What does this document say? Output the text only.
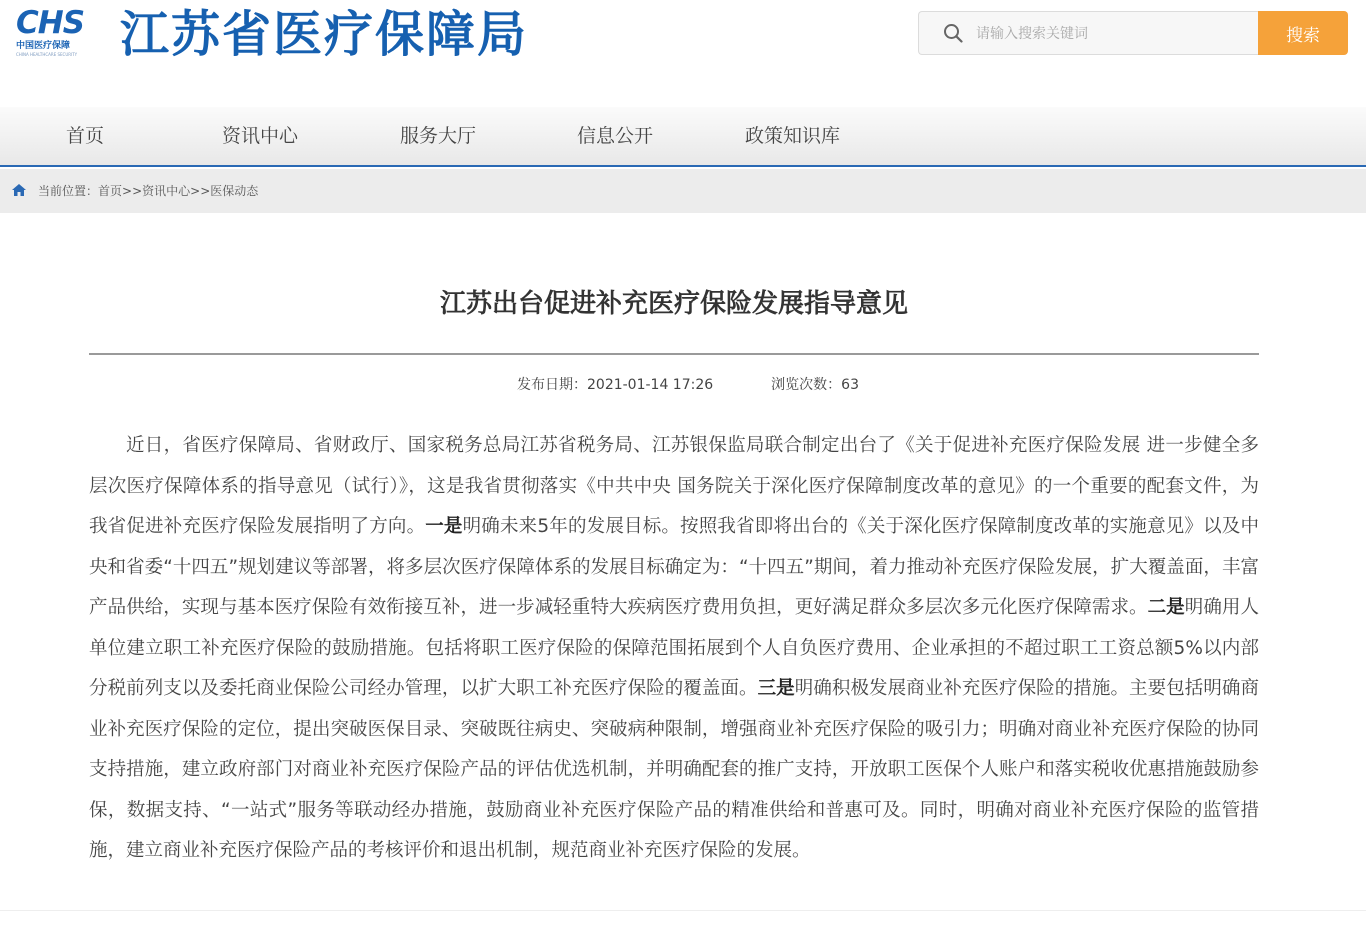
CHS
中国医疗保障
CHINA HEALTHCARE SECURITY 江苏省医疗保障局
请输入搜索关键词	搜索
首页	资讯中心	服务大厅	信息公开	政策知识库
当前位置：首页>>资讯中心>>医保动态
江苏出台促进补充医疗保险发展指导意见
发布日期：2021-01-14 17:26	浏览次数：63
近日，省医疗保障局、省财政厅、国家税务总局江苏省税务局、江苏银保监局联合制定出台了《关于促进补充医疗保险发展 进一步健全多层次医疗保障体系的指导意见（试行）》，这是我省贯彻落实《中共中央 国务院关于深化医疗保障制度改革的意见》的一个重要的配套文件，为我省促进补充医疗保险发展指明了方向。一是明确未来5年的发展目标。按照我省即将出台的《关于深化医疗保障制度改革的实施意见》以及中央和省委“十四五”规划建议等部署，将多层次医疗保障体系的发展目标确定为：“十四五”期间，着力推动补充医疗保险发展，扩大覆盖面，丰富产品供给，实现与基本医疗保险有效衔接互补，进一步减轻重特大疾病医疗费用负担，更好满足群众多层次多元化医疗保障需求。二是明确用人单位建立职工补充医疗保险的鼓励措施。包括将职工医疗保险的保障范围拓展到个人自负医疗费用、企业承担的不超过职工工资总额5%以内部分税前列支以及委托商业保险公司经办管理，以扩大职工补充医疗保险的覆盖面。三是明确积极发展商业补充医疗保险的措施。主要包括明确商业补充医疗保险的定位，提出突破医保目录、突破既往病史、突破病种限制，增强商业补充医疗保险的吸引力；明确对商业补充医疗保险的协同支持措施，建立政府部门对商业补充医疗保险产品的评估优选机制，并明确配套的推广支持，开放职工医保个人账户和落实税收优惠措施鼓励参保，数据支持、“一站式”服务等联动经办措施，鼓励商业补充医疗保险产品的精准供给和普惠可及。同时，明确对商业补充医疗保险的监管措施，建立商业补充医疗保险产品的考核评价和退出机制，规范商业补充医疗保险的发展。
